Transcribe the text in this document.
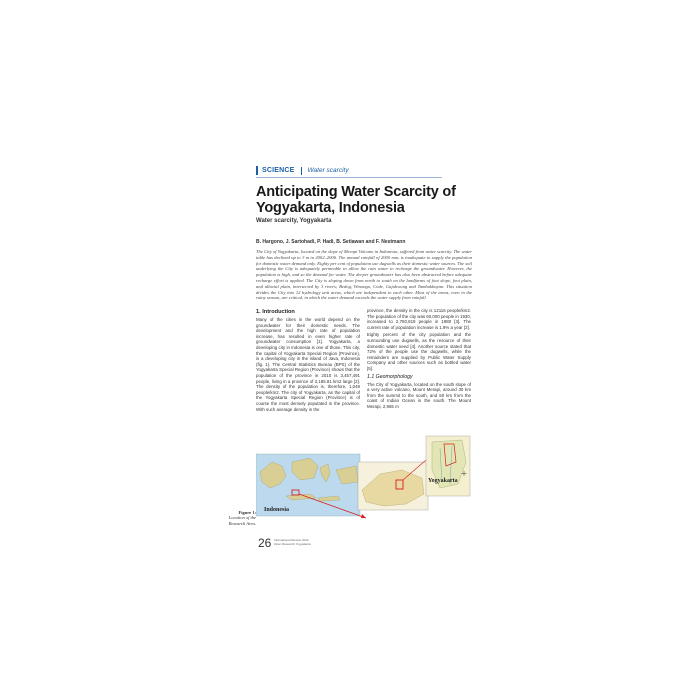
SCIENCE Water scarcity
Anticipating Water Scarcity of Yogyakarta, Indonesia
Water scarcity, Yogyakarta
B. Hargono, J. Sartohadi, P. Hadi, B. Setiawan and F. Nestmann
The City of Yogyakarta, located on the slope of Merapi Volcano in Indonesia, suffered from water scarcity. The water table has declined up to 3 m in 2002–2006. The annual rainfall of 2000 mm, is inadequate to supply the population for domestic water demand only. Eighty per cent of population use dugwells as their domestic water sources. The soil underlying the City is adequately permeable to allow the rain water to recharge the groundwater. However, the population is high, and so the demand for water. The deeper groundwater has also been abstracted before adequate recharge effort is applied. The City is sloping down from north to south on the landforms of foot slope, foot plain, and alluvial plain, intersected by 3 rivers; Bedog, Winongo, Code, Gajahwong and Tambakbayan. This situation divides the City into 12 hydrology unit areas, which are independent to each other. Most of the areas, even in the rainy season, are critical, in which the water demand exceeds the water supply from rainfall.
1. Introduction

Many of the cities in the world depend on the groundwater for their domestic needs. The development and the high rate of population increase, has resulted in even higher rate of groundwater consumption [1]. Yogyakarta, a developing city in Indonesia is one of those. This city, the capital of Yogyakarta Special Region (Province), is a developing city in the island of Java, Indonesia (fig. 1). The Central Statistics Bureau (BPS) of the Yogyakarta Special Region (Province) shows that the population of the province in 2010 is 3,457,491 people, living in a province of 3,185.81 km2 large [2]. The density of the population is, therefore, 1,049 people/km2. The city of Yogyakarta, as the capital of the Yogyakarta Special Region (Province) is of course the most densely populated in the province. With such average density in the

province, the density in the city is 12116 people/km2. The population of the city was 60,000 people in 1930, increased to 2,750,819 people in 1980 [3]. The current rate of population increase is 1.9% a year [2].

Eighty percent of the city population and the surrounding use dugwells, as the resource of their domestic water need [4]. Another source stated that 72% of the people use the dugwells, while the remainders are supplied by Public Water Supply Company and other sources such as bottled water [5].

1.1 Geomorphology

The City of Yogyakarta, located on the south slope of a very active volcano, Mount Merapi, around 30 km from the summit to the south, and 50 km from the coast of Indian Ocean in the south. The Mount Merapi, 2,965 m

Indonesia
Yogyakarta
Figure 1:
Location of the Research Area.
26 International Review 2012
Open Research Yogyakarta
